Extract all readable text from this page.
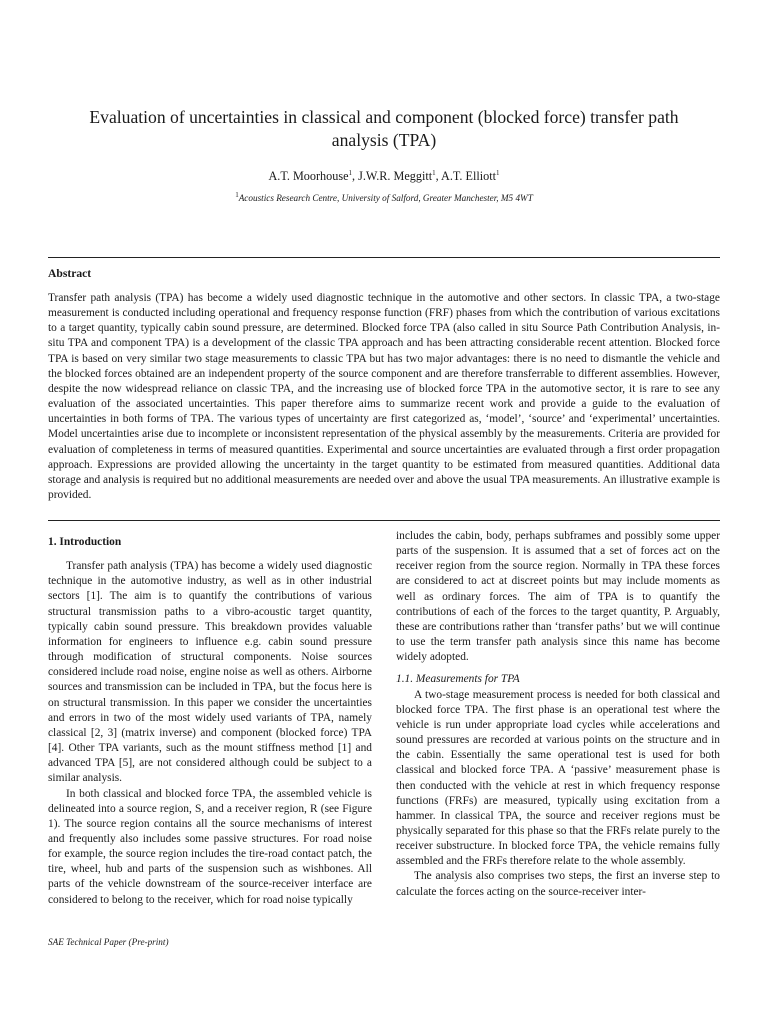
Evaluation of uncertainties in classical and component (blocked force) transfer path analysis (TPA)
A.T. Moorhouse$^1$, J.W.R. Meggitt$^1$, A.T. Elliott$^1$
$^1$Acoustics Research Centre, University of Salford, Greater Manchester, M5 4WT
Abstract

Transfer path analysis (TPA) has become a widely used diagnostic technique in the automotive and other sectors. In classic TPA, a two-stage measurement is conducted including operational and frequency response function (FRF) phases from which the contribution of various excitations to a target quantity, typically cabin sound pressure, are determined. Blocked force TPA (also called in situ Source Path Contribution Analysis, in-situ TPA and component TPA) is a development of the classic TPA approach and has been attracting considerable recent attention. Blocked force TPA is based on very similar two stage measurements to classic TPA but has two major advantages: there is no need to dismantle the vehicle and the blocked forces obtained are an independent property of the source component and are therefore transferrable to different assemblies. However, despite the now widespread reliance on classic TPA, and the increasing use of blocked force TPA in the automotive sector, it is rare to see any evaluation of the associated uncertainties. This paper therefore aims to summarize recent work and provide a guide to the evaluation of uncertainties in both forms of TPA. The various types of uncertainty are first categorized as, ‘model’, ‘source’ and ‘experimental’ uncertainties. Model uncertainties arise due to incomplete or inconsistent representation of the physical assembly by the measurements. Criteria are provided for evaluation of completeness in terms of measured quantities. Experimental and source uncertainties are evaluated through a first order propagation approach. Expressions are provided allowing the uncertainty in the target quantity to be estimated from measured quantities. Additional data storage and analysis is required but no additional measurements are needed over and above the usual TPA measurements. An illustrative example is provided.

1. Introduction

Transfer path analysis (TPA) has become a widely used diagnostic technique in the automotive industry, as well as in other industrial sectors [1]. The aim is to quantify the contributions of various structural transmission paths to a vibro-acoustic target quantity, typically cabin sound pressure. This breakdown provides valuable information for engineers to influence e.g. cabin sound pressure through modification of structural components. Noise sources considered include road noise, engine noise as well as others. Airborne sources and transmission can be included in TPA, but the focus here is on structural transmission. In this paper we consider the uncertainties and errors in two of the most widely used variants of TPA, namely classical [2, 3] (matrix inverse) and component (blocked force) TPA [4]. Other TPA variants, such as the mount stiffness method [1] and advanced TPA [5], are not considered although could be subject to a similar analysis.

In both classical and blocked force TPA, the assembled vehicle is delineated into a source region, S, and a receiver region, R (see Figure 1). The source region contains all the source mechanisms of interest and frequently also includes some passive structures. For road noise for example, the source region includes the tire-road contact patch, the tire, wheel, hub and parts of the suspension such as wishbones. All parts of the vehicle downstream of the source-receiver interface are considered to belong to the receiver, which for road noise typically

includes the cabin, body, perhaps subframes and possibly some upper parts of the suspension. It is assumed that a set of forces act on the receiver region from the source region. Normally in TPA these forces are considered to act at discreet points but may include moments as well as ordinary forces. The aim of TPA is to quantify the contributions of each of the forces to the target quantity, P. Arguably, these are contributions rather than ‘transfer paths’ but we will continue to use the term transfer path analysis since this name has become widely adopted.

1.1. Measurements for TPA

A two-stage measurement process is needed for both classical and blocked force TPA. The first phase is an operational test where the vehicle is run under appropriate load cycles while accelerations and sound pressures are recorded at various points on the structure and in the cabin. Essentially the same operational test is used for both classical and blocked force TPA. A ‘passive’ measurement phase is then conducted with the vehicle at rest in which frequency response functions (FRFs) are measured, typically using excitation from a hammer. In classical TPA, the source and receiver regions must be physically separated for this phase so that the FRFs relate purely to the receiver substructure. In blocked force TPA, the vehicle remains fully assembled and the FRFs therefore relate to the whole assembly.

The analysis also comprises two steps, the first an inverse step to calculate the forces acting on the source-receiver inter-

SAE Technical Paper (Pre-print)
